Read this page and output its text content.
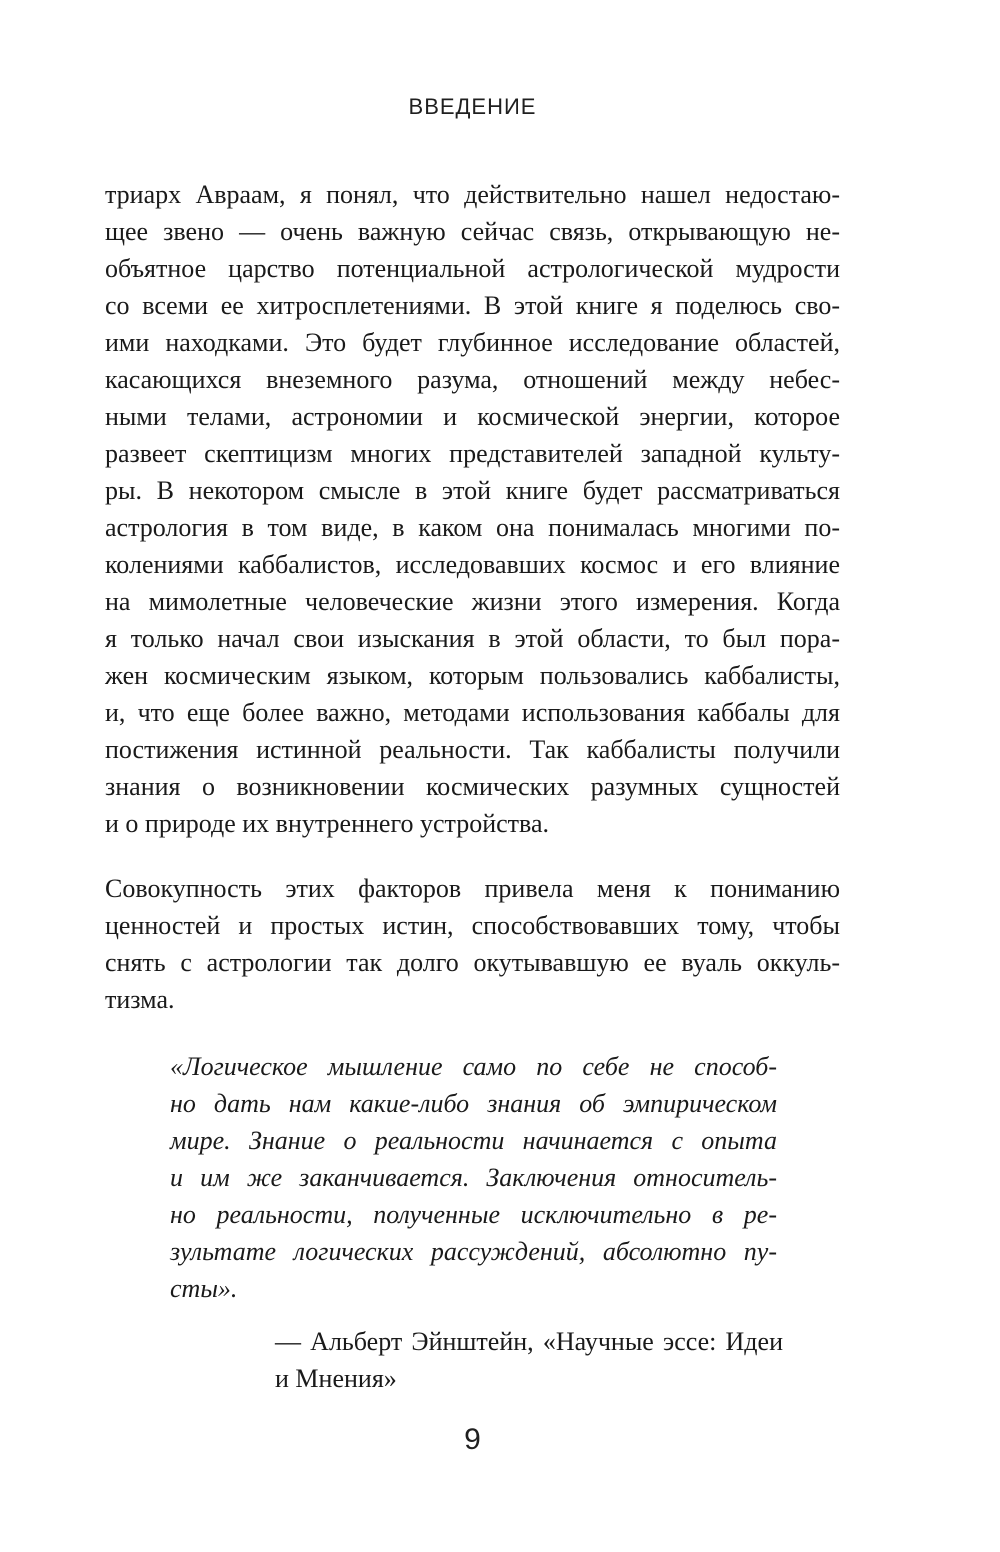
ВВЕДЕНИЕ
триарх Авраам, я понял, что действительно нашел недостаю-
щее звено — очень важную сейчас связь, открывающую не-
объятное царство потенциальной астрологической мудрости
со всеми ее хитросплетениями. В этой книге я поделюсь сво-
ими находками. Это будет глубинное исследование областей,
касающихся внеземного разума, отношений между небес-
ными телами, астрономии и космической энергии, которое
развеет скептицизм многих представителей западной культу-
ры. В некотором смысле в этой книге будет рассматриваться
астрология в том виде, в каком она понималась многими по-
колениями каббалистов, исследовавших космос и его влияние
на мимолетные человеческие жизни этого измерения. Когда
я только начал свои изыскания в этой области, то был пора-
жен космическим языком, которым пользовались каббалисты,
и, что еще более важно, методами использования каббалы для
постижения истинной реальности. Так каббалисты получили
знания о возникновении космических разумных сущностей
и о природе их внутреннего устройства.
Совокупность этих факторов привела меня к пониманию
ценностей и простых истин, способствовавших тому, чтобы
снять с астрологии так долго окутывавшую ее вуаль оккуль-
тизма.
«Логическое мышление само по себе не способ-
но дать нам какие-либо знания об эмпирическом
мире. Знание о реальности начинается с опыта
и им же заканчивается. Заключения относитель-
но реальности, полученные исключительно в ре-
зультате логических рассуждений, абсолютно пу-
сты».
— Альберт Эйнштейн, «Научные эссе: Идеи
и Мнения»
9
